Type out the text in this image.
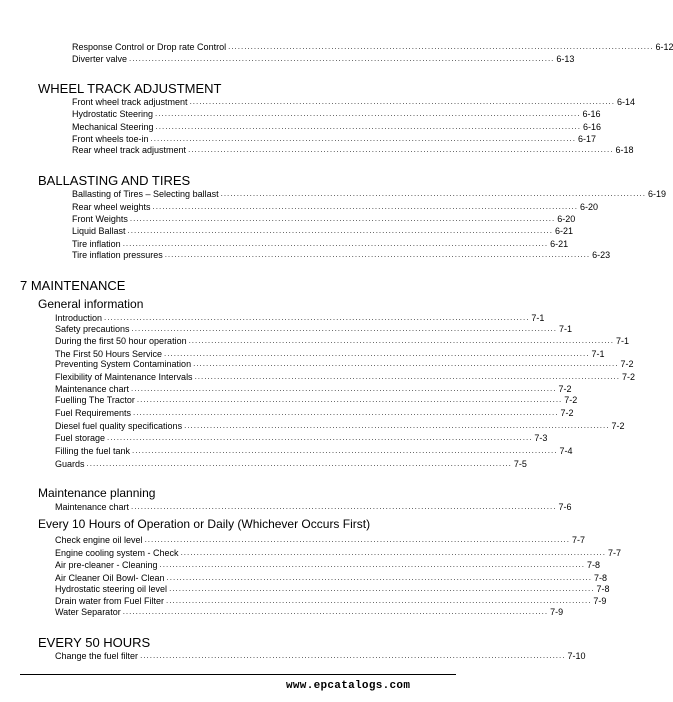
Response Control or Drop rate Control .................................................................................................................................... 6-12
Diverter valve .................................................................................................................................... 6-13
WHEEL TRACK ADJUSTMENT
Front wheel track adjustment .................................................................................................................................... 6-14
Hydrostatic Steering .................................................................................................................................... 6-16
Mechanical Steering .................................................................................................................................... 6-16
Front wheels toe-in .................................................................................................................................... 6-17
Rear wheel track adjustment .................................................................................................................................... 6-18
BALLASTING AND TIRES
Ballasting of Tires – Selecting ballast .................................................................................................................................... 6-19
Rear wheel weights .................................................................................................................................... 6-20
Front Weights .................................................................................................................................... 6-20
Liquid Ballast .................................................................................................................................... 6-21
Tire inflation .................................................................................................................................... 6-21
Tire inflation pressures .................................................................................................................................... 6-23
7 MAINTENANCE
General information
Introduction .................................................................................................................................... 7-1
Safety precautions .................................................................................................................................... 7-1
During the first 50 hour operation .................................................................................................................................... 7-1
The First 50 Hours Service .................................................................................................................................... 7-1
Preventing System Contamination .................................................................................................................................... 7-2
Flexibility of Maintenance Intervals .................................................................................................................................... 7-2
Maintenance chart .................................................................................................................................... 7-2
Fuelling The Tractor .................................................................................................................................... 7-2
Fuel Requirements .................................................................................................................................... 7-2
Diesel fuel quality specifications .................................................................................................................................... 7-2
Fuel storage .................................................................................................................................... 7-3
Filling the fuel tank .................................................................................................................................... 7-4
Guards .................................................................................................................................... 7-5
Maintenance planning
Maintenance chart .................................................................................................................................... 7-6
Every 10 Hours of Operation or Daily (Whichever Occurs First)
Check engine oil level .................................................................................................................................... 7-7
Engine cooling system - Check .................................................................................................................................... 7-7
Air pre-cleaner - Cleaning .................................................................................................................................... 7-8
Air Cleaner Oil Bowl- Clean .................................................................................................................................... 7-8
Hydrostatic steering oil level .................................................................................................................................... 7-8
Drain water from Fuel Filter .................................................................................................................................... 7-9
Water Separator .................................................................................................................................... 7-9
EVERY 50 HOURS
Change the fuel filter .................................................................................................................................... 7-10
www.epcatalogs.com
